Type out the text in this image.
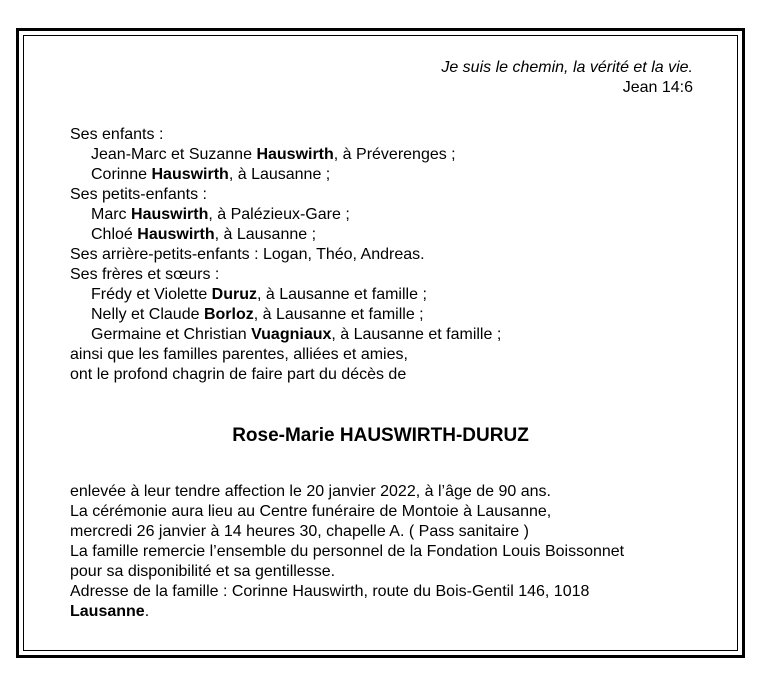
Je suis le chemin, la vérité et la vie.
Jean 14:6
Ses enfants :
Jean-Marc et Suzanne Hauswirth, à Préverenges ;
Corinne Hauswirth, à Lausanne ;
Ses petits-enfants :
Marc Hauswirth, à Palézieux-Gare ;
Chloé Hauswirth, à Lausanne ;
Ses arrière-petits-enfants : Logan, Théo, Andreas.
Ses frères et sœurs :
Frédy et Violette Duruz, à Lausanne et famille ;
Nelly et Claude Borloz, à Lausanne et famille ;
Germaine et Christian Vuagniaux, à Lausanne et famille ;
ainsi que les familles parentes, alliées et amies,
ont le profond chagrin de faire part du décès de
Rose-Marie HAUSWIRTH-DURUZ
enlevée à leur tendre affection le 20 janvier 2022, à l’âge de 90 ans.
La cérémonie aura lieu au Centre funéraire de Montoie à Lausanne,
mercredi 26 janvier à 14 heures 30, chapelle A. ( Pass sanitaire )
La famille remercie l’ensemble du personnel de la Fondation Louis Boissonnet
pour sa disponibilité et sa gentillesse.
Adresse de la famille : Corinne Hauswirth, route du Bois-Gentil 146, 1018
Lausanne.
